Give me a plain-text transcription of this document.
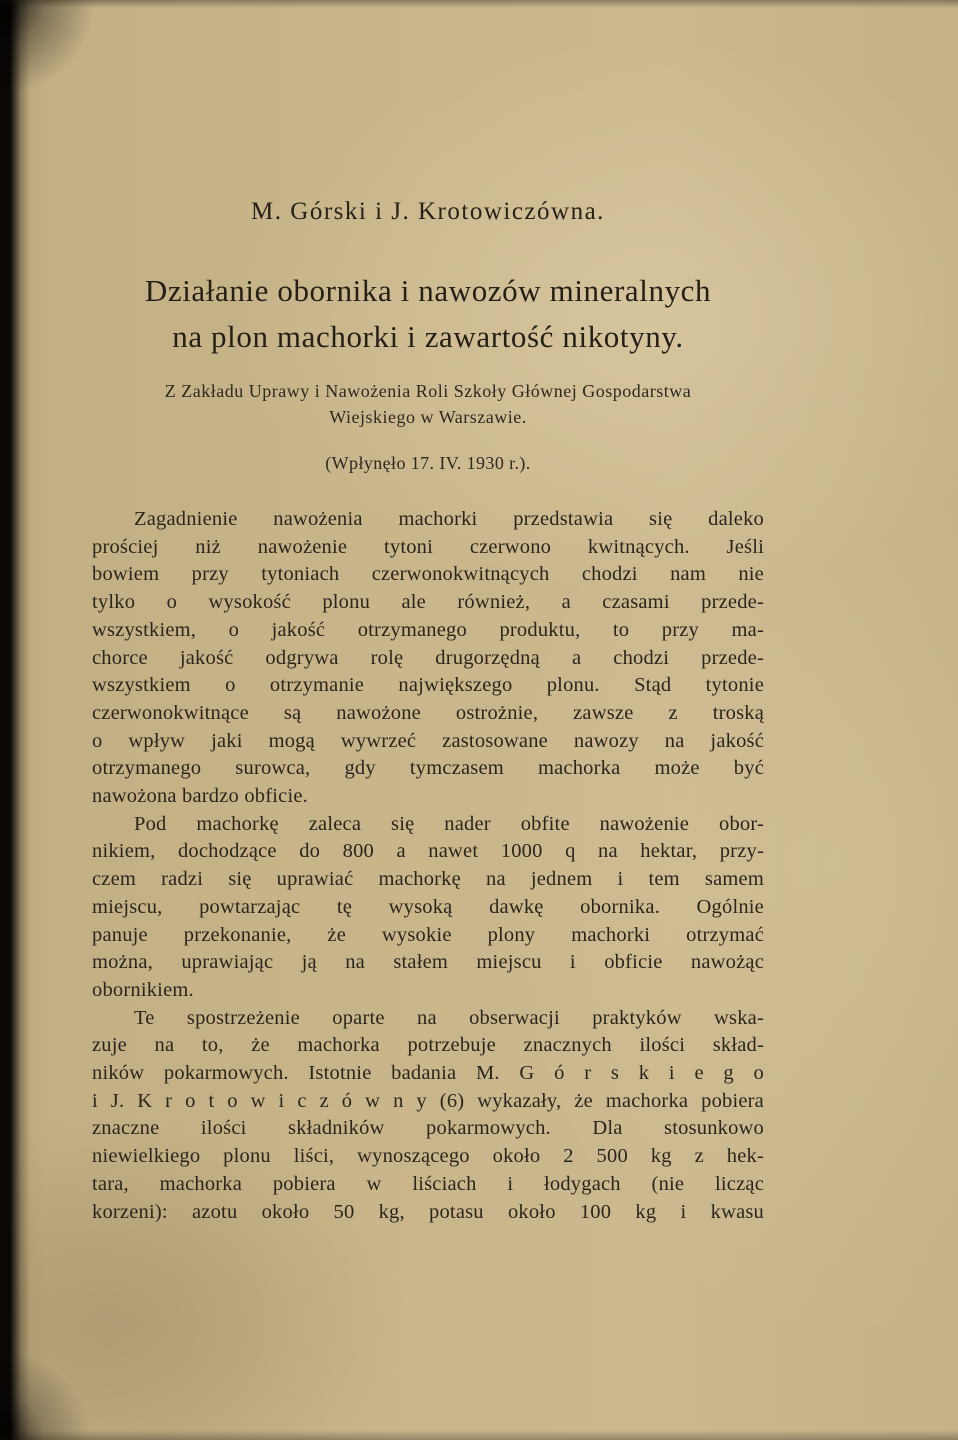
M. Górski i J. Krotowiczówna.
Działanie obornika i nawozów mineralnych
na plon machorki i zawartość nikotyny.
Z Zakładu Uprawy i Nawożenia Roli Szkoły Głównej Gospodarstwa
Wiejskiego w Warszawie.
(Wpłynęło 17. IV. 1930 r.).
Zagadnienie nawożenia machorki przedstawia się daleko
prościej niż nawożenie tytoni czerwono kwitnących. Jeśli
bowiem przy tytoniach czerwonokwitnących chodzi nam nie
tylko o wysokość plonu ale również, a czasami przede-
wszystkiem, o jakość otrzymanego produktu, to przy ma-
chorce jakość odgrywa rolę drugorzędną a chodzi przede-
wszystkiem o otrzymanie największego plonu. Stąd tytonie
czerwonokwitnące są nawożone ostrożnie, zawsze z troską
o wpływ jaki mogą wywrzeć zastosowane nawozy na jakość
otrzymanego surowca, gdy tymczasem machorka może być
nawożona bardzo obficie.
Pod machorkę zaleca się nader obfite nawożenie obor-
nikiem, dochodzące do 800 a nawet 1000 q na hektar, przy-
czem radzi się uprawiać machorkę na jednem i tem samem
miejscu, powtarzając tę wysoką dawkę obornika. Ogólnie
panuje przekonanie, że wysokie plony machorki otrzymać
można, uprawiając ją na stałem miejscu i obficie nawożąc
obornikiem.
Te spostrzeżenie oparte na obserwacji praktyków wska-
zuje na to, że machorka potrzebuje znacznych ilości skład-
ników pokarmowych. Istotnie badania M. G ó r s k i e g o
i J. K r o t o w i c z ó w n y (6) wykazały, że machorka pobiera
znaczne ilości składników pokarmowych. Dla stosunkowo
niewielkiego plonu liści, wynoszącego około 2 500 kg z hek-
tara, machorka pobiera w liściach i łodygach (nie licząc
korzeni): azotu około 50 kg, potasu około 100 kg i kwasu
